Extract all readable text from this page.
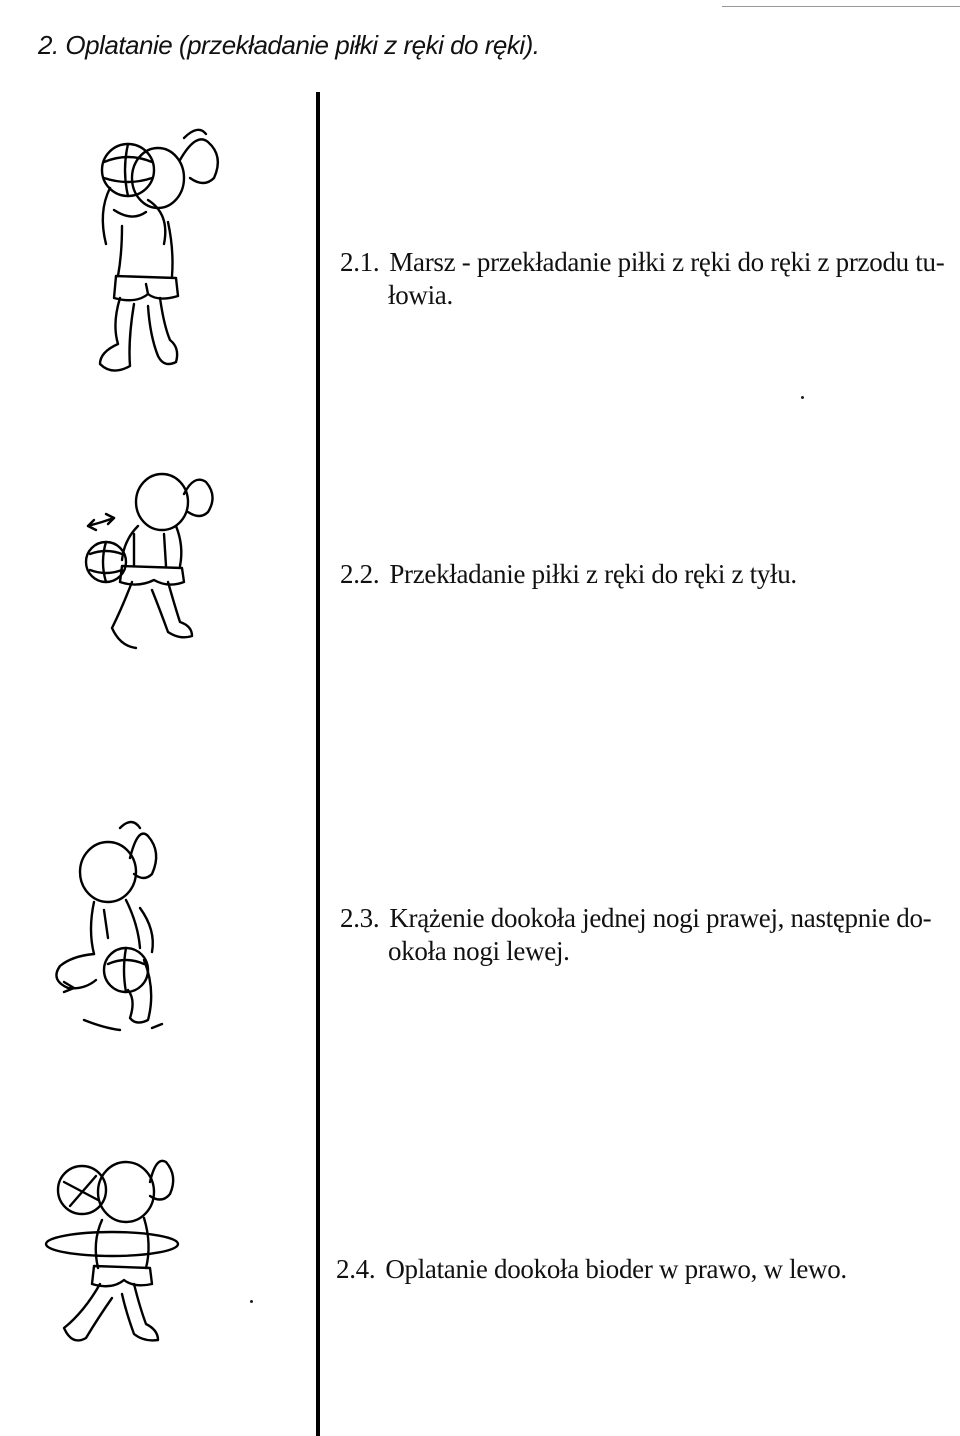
2. Oplatanie (przekładanie piłki z ręki do ręki).
2.1. Marsz - przekładanie piłki z ręki do ręki z przodu tu-
łowia.
2.2. Przekładanie piłki z ręki do ręki z tyłu.
2.3. Krążenie dookoła jednej nogi prawej, następnie do-
okoła nogi lewej.
2.4. Oplatanie dookoła bioder w prawo, w lewo.
